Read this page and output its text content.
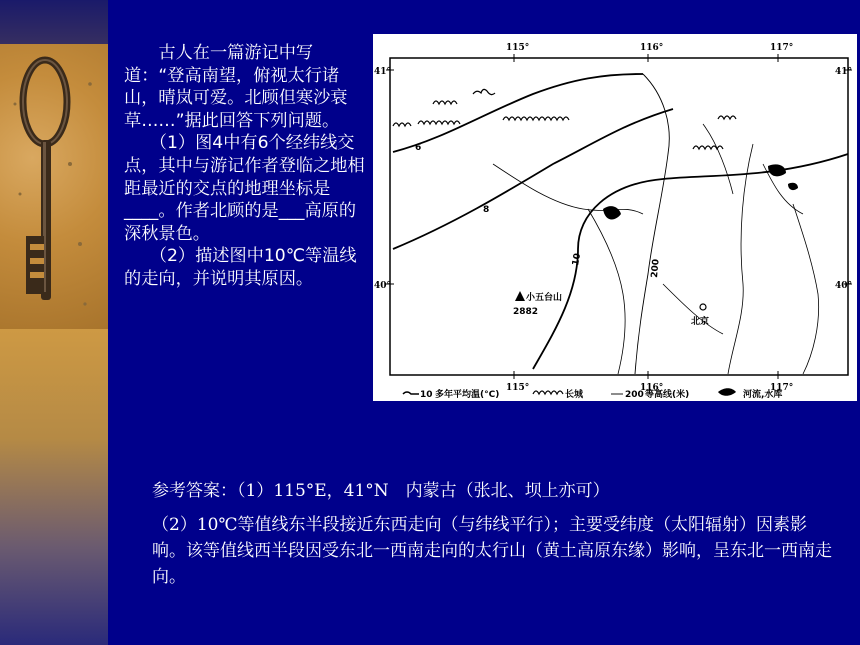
古人在一篇游记中写道：“登高南望，俯视太行诸山，晴岚可爱。北顾但寒沙衰草……”据此回答下列问题。

（1）图4中有6个经纬线交点，其中与游记作者登临之地相距最近的交点的地理坐标是____。作者北顾的是___高原的深秋景色。

（2）描述图中10℃等温线的走向，并说明其原因。

115°	116°	117°
115°	116°	117°
41°
40°
41°
40°
6
8
10	200
小五台山
2882
北京
10 多年平均温(°C)	长城	200 等高线(米)	河流,水库

参考答案：（1）115°E，41°N　内蒙古（张北、坝上亦可）

（2）10℃等值线东半段接近东西走向（与纬线平行）；主要受纬度（太阳辐射）因素影响。该等值线西半段因受东北一西南走向的太行山（黄土高原东缘）影响，呈东北一西南走向。
